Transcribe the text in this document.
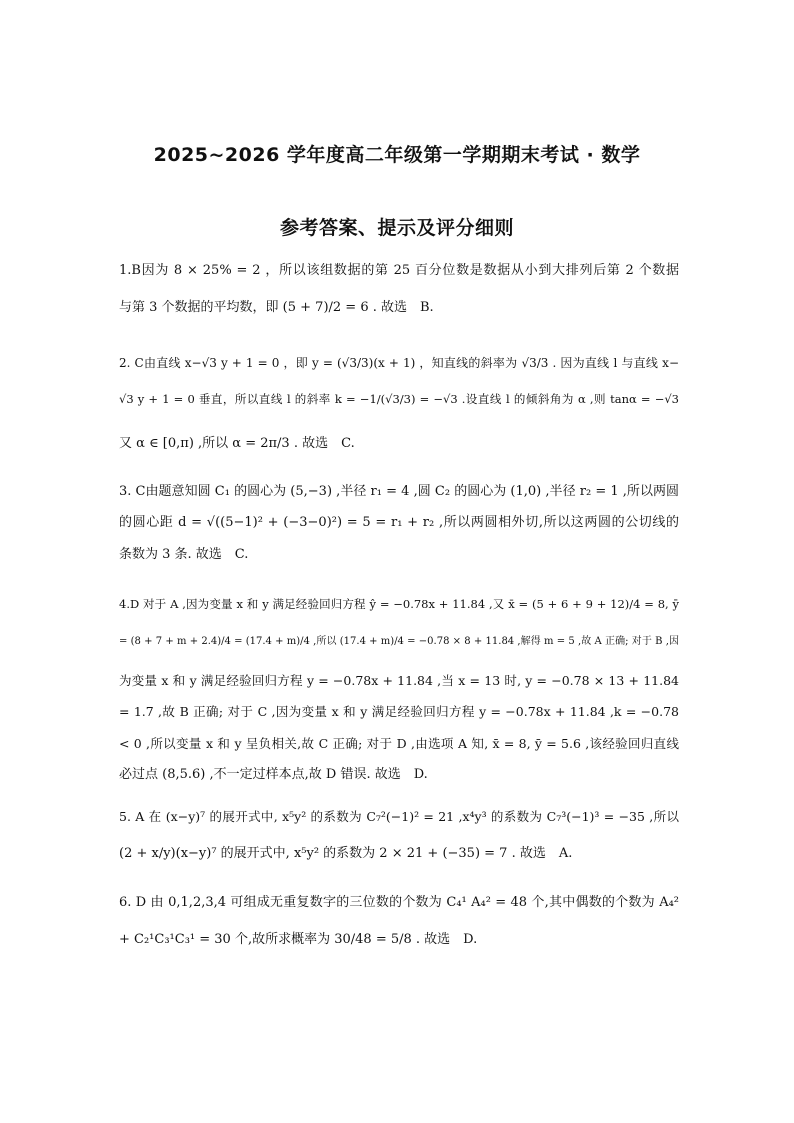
2025~2026 学年度高二年级第一学期期末考试 · 数学
参考答案、提示及评分细则
1.B因为 8 × 25% = 2 ，所以该组数据的第 25 百分位数是数据从小到大排列后第 2 个数据
与第 3 个数据的平均数，即 (5 + 7)/2 = 6 . 故选　B.
2. C由直线 x−√3 y + 1 = 0 ，即 y = (√3/3)(x + 1) ，知直线的斜率为 √3/3 . 因为直线 l 与直线 x−
√3 y + 1 = 0 垂直，所以直线 l 的斜率 k = −1/(√3/3) = −√3 .设直线 l 的倾斜角为 α ,则 tanα = −√3
又 α ∈ [0,π) ,所以 α = 2π/3 . 故选　C.
3. C由题意知圆 C₁ 的圆心为 (5,−3) ,半径 r₁ = 4 ,圆 C₂ 的圆心为 (1,0) ,半径 r₂ = 1 ,所以两圆
的圆心距 d = √((5−1)² + (−3−0)²) = 5 = r₁ + r₂ ,所以两圆相外切,所以这两圆的公切线的
条数为 3 条. 故选　C.
4.D 对于 A ,因为变量 x 和 y 满足经验回归方程 ŷ = −0.78x + 11.84 ,又 x̄ = (5 + 6 + 9 + 12)/4 = 8, ȳ
= (8 + 7 + m + 2.4)/4 = (17.4 + m)/4 ,所以 (17.4 + m)/4 = −0.78 × 8 + 11.84 ,解得 m = 5 ,故 A 正确; 对于 B ,因
为变量 x 和 y 满足经验回归方程 y = −0.78x + 11.84 ,当 x = 13 时, y = −0.78 × 13 + 11.84
= 1.7 ,故 B 正确; 对于 C ,因为变量 x 和 y 满足经验回归方程 y = −0.78x + 11.84 ,k = −0.78
< 0 ,所以变量 x 和 y 呈负相关,故 C 正确; 对于 D ,由选项 A 知, x̄ = 8, ȳ = 5.6 ,该经验回归直线
必过点 (8,5.6) ,不一定过样本点,故 D 错误. 故选　D.
5. A 在 (x−y)⁷ 的展开式中, x⁵y² 的系数为 C₇²(−1)² = 21 ,x⁴y³ 的系数为 C₇³(−1)³ = −35 ,所以
(2 + x/y)(x−y)⁷ 的展开式中, x⁵y² 的系数为 2 × 21 + (−35) = 7 . 故选　A.
6. D 由 0,1,2,3,4 可组成无重复数字的三位数的个数为 C₄¹ A₄² = 48 个,其中偶数的个数为 A₄²
+ C₂¹C₃¹C₃¹ = 30 个,故所求概率为 30/48 = 5/8 . 故选　D.
